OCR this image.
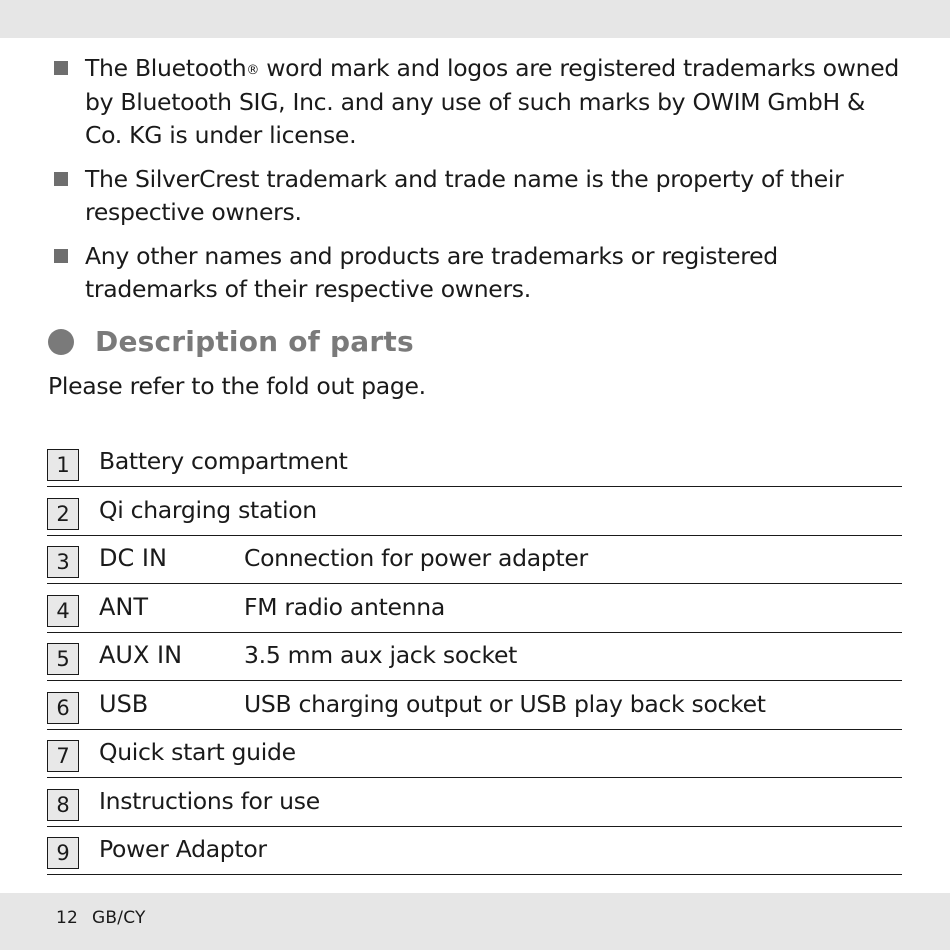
The Bluetooth® word mark and logos are registered trademarks owned by Bluetooth SIG, Inc. and any use of such marks by OWIM GmbH & Co. KG is under license.
The SilverCrest trademark and trade name is the property of their respective owners.
Any other names and products are trademarks or registered trademarks of their respective owners.
Description of parts
Please refer to the fold out page.
1	Battery compartment
2	Qi charging station
3	DC IN	Connection for power adapter
4	ANT	FM radio antenna
5	AUX IN	3.5 mm aux jack socket
6	USB	USB charging output or USB play back socket
7	Quick start guide
8	Instructions for use
9	Power Adaptor
12 GB/CY
